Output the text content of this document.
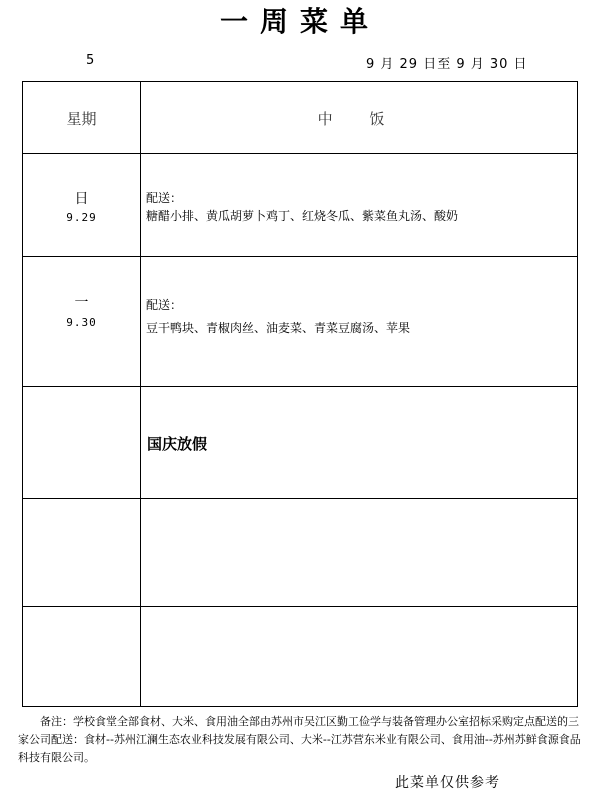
一周菜单
5	9 月 29 日至 9 月 30 日
星期	中 饭
日
9.29
配送：
糖醋小排、黄瓜胡萝卜鸡丁、红烧冬瓜、紫菜鱼丸汤、酸奶
一
9.30
配送：
豆干鸭块、青椒肉丝、油麦菜、青菜豆腐汤、苹果
国庆放假
备注：学校食堂全部食材、大米、食用油全部由苏州市吴江区勤工俭学与装备管理办公室招标采购定点配送的三家公司配送：食材--苏州江澜生态农业科技发展有限公司、大米--江苏营东米业有限公司、食用油--苏州苏鲜食源食品科技有限公司。
此菜单仅供参考
